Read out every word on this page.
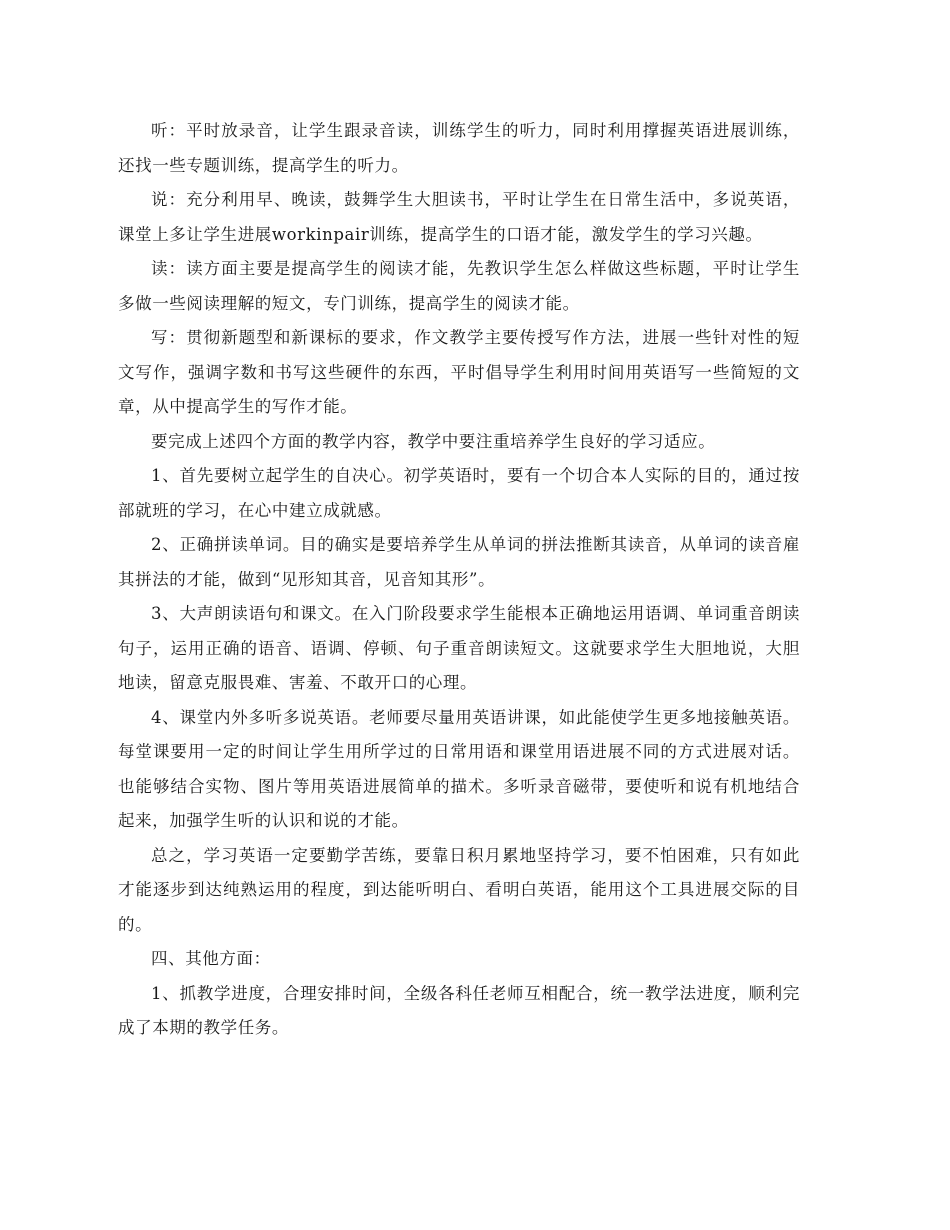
听：平时放录音，让学生跟录音读，训练学生的听力，同时利用撑握英语进展训练，还找一些专题训练，提高学生的听力。

说：充分利用早、晚读，鼓舞学生大胆读书，平时让学生在日常生活中，多说英语，课堂上多让学生进展workinpair训练，提高学生的口语才能，激发学生的学习兴趣。

读：读方面主要是提高学生的阅读才能，先教识学生怎么样做这些标题，平时让学生多做一些阅读理解的短文，专门训练，提高学生的阅读才能。

写：贯彻新题型和新课标的要求，作文教学主要传授写作方法，进展一些针对性的短文写作，强调字数和书写这些硬件的东西，平时倡导学生利用时间用英语写一些简短的文章，从中提高学生的写作才能。

要完成上述四个方面的教学内容，教学中要注重培养学生良好的学习适应。

1、首先要树立起学生的自决心。初学英语时，要有一个切合本人实际的目的，通过按部就班的学习，在心中建立成就感。

2、正确拼读单词。目的确实是要培养学生从单词的拼法推断其读音，从单词的读音雇其拼法的才能，做到“见形知其音，见音知其形”。

3、大声朗读语句和课文。在入门阶段要求学生能根本正确地运用语调、单词重音朗读句子，运用正确的语音、语调、停顿、句子重音朗读短文。这就要求学生大胆地说，大胆地读，留意克服畏难、害羞、不敢开口的心理。

4、课堂内外多听多说英语。老师要尽量用英语讲课，如此能使学生更多地接触英语。每堂课要用一定的时间让学生用所学过的日常用语和课堂用语进展不同的方式进展对话。也能够结合实物、图片等用英语进展简单的描术。多听录音磁带，要使听和说有机地结合起来，加强学生听的认识和说的才能。

总之，学习英语一定要勤学苦练，要靠日积月累地坚持学习，要不怕困难，只有如此才能逐步到达纯熟运用的程度，到达能听明白、看明白英语，能用这个工具进展交际的目的。

四、其他方面：

1、抓教学进度，合理安排时间，全级各科任老师互相配合，统一教学法进度，顺利完成了本期的教学任务。
